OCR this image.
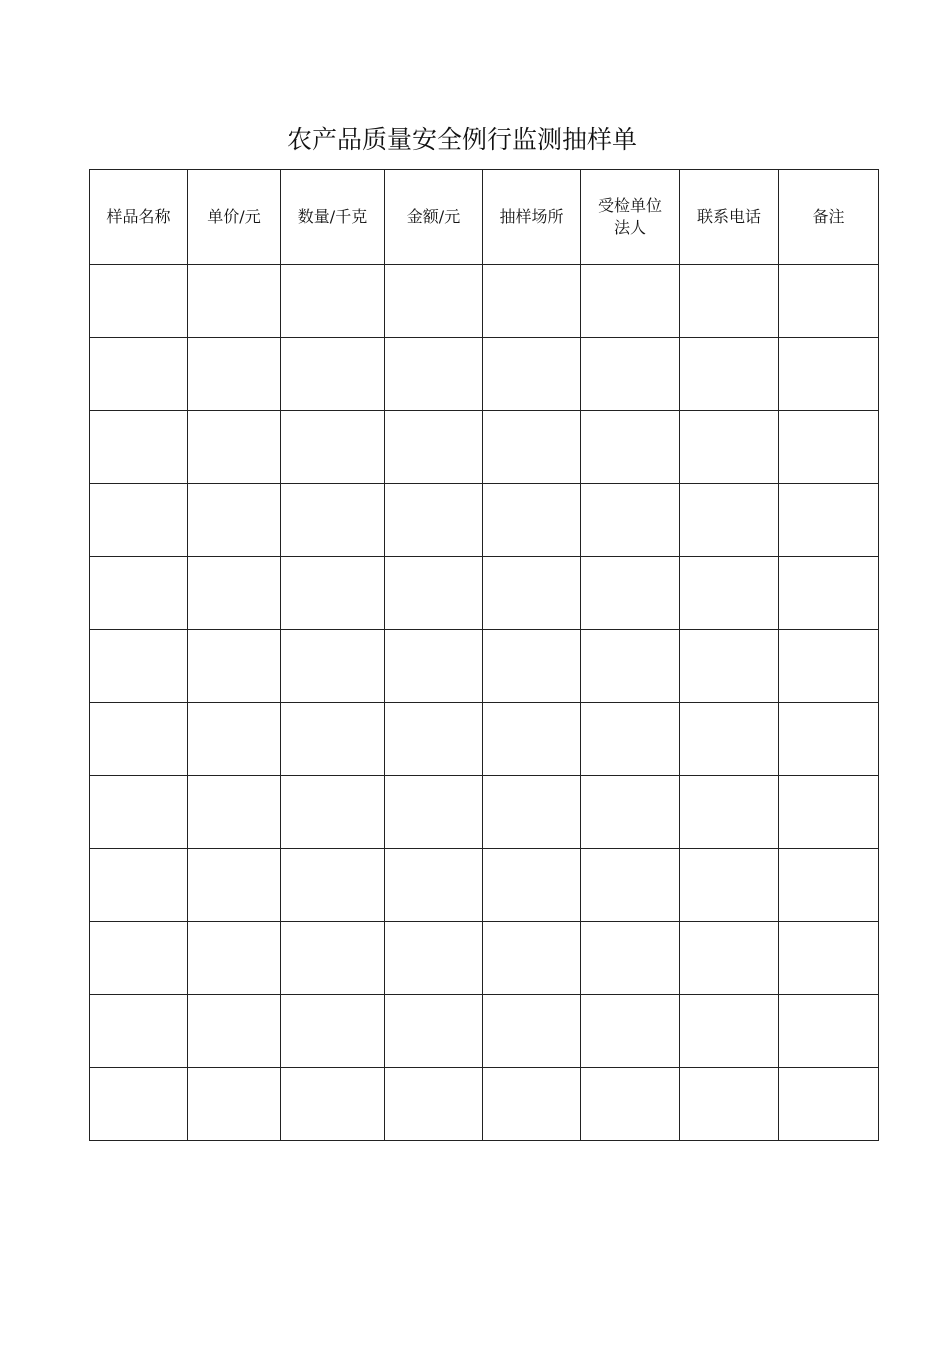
农产品质量安全例行监测抽样单
样品名称	单价/元	数量/千克	金额/元	抽样场所	受检单位法人	联系电话	备注
